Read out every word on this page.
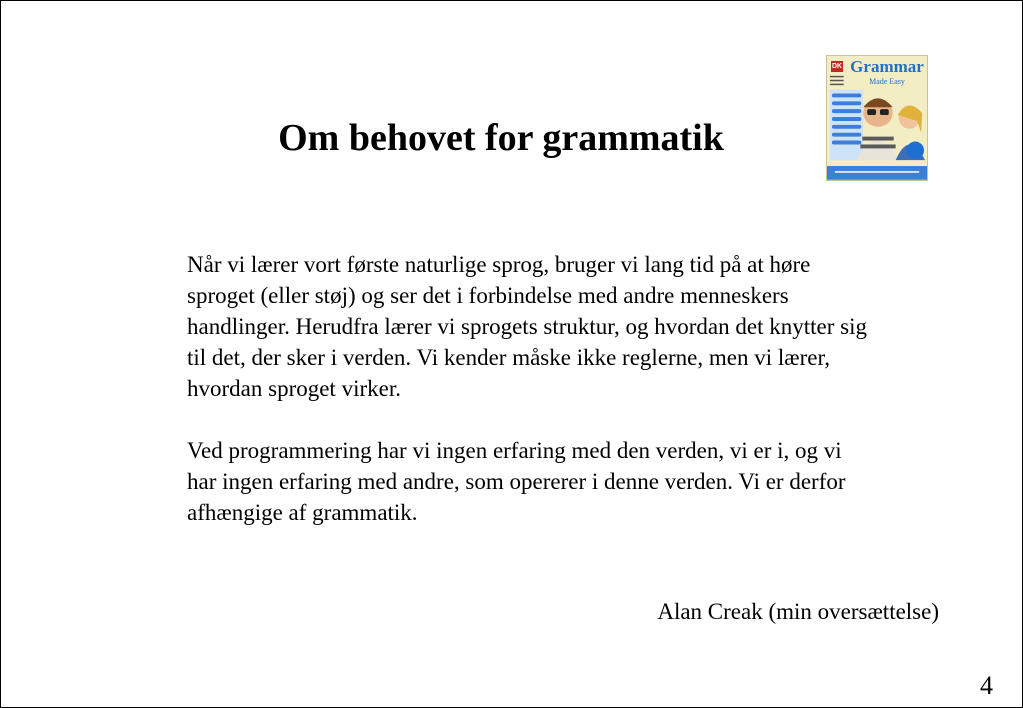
Om behovet for grammatik
DK Grammar
Made Easy

Når vi lærer vort første naturlige sprog, bruger vi lang tid på at høre sproget (eller støj) og ser det i forbindelse med andre menneskers handlinger. Herudfra lærer vi sprogets struktur, og hvordan det knytter sig til det, der sker i verden. Vi kender måske ikke reglerne, men vi lærer, hvordan sproget virker.

Ved programmering har vi ingen erfaring med den verden, vi er i, og vi har ingen erfaring med andre, som opererer i denne verden. Vi er derfor afhængige af grammatik.

Alan Creak (min oversættelse)
4
